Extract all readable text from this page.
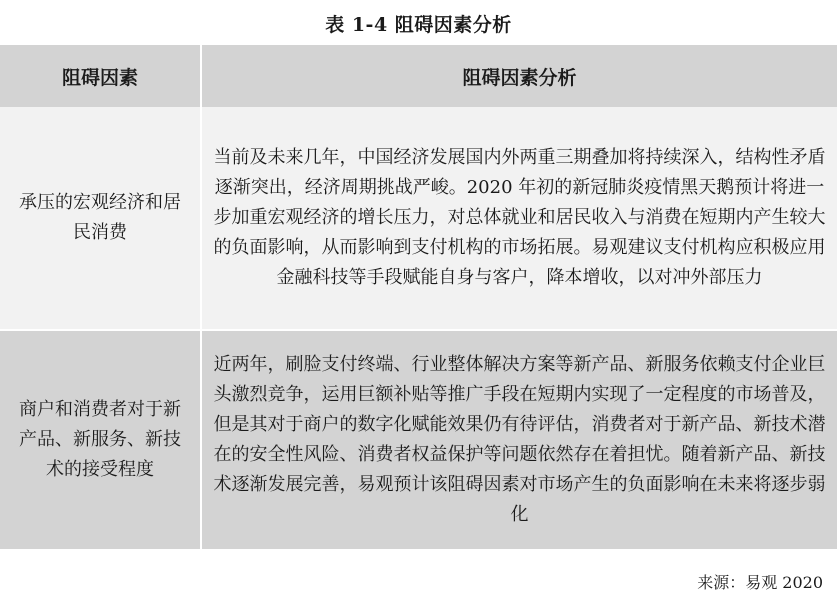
表 1-4 阻碍因素分析
阻碍因素	阻碍因素分析
承压的宏观经济和居民消费	当前及未来几年，中国经济发展国内外两重三期叠加将持续深入，结构性矛盾逐渐突出，经济周期挑战严峻。2020 年初的新冠肺炎疫情黑天鹅预计将进一步加重宏观经济的增长压力，对总体就业和居民收入与消费在短期内产生较大的负面影响，从而影响到支付机构的市场拓展。易观建议支付机构应积极应用金融科技等手段赋能自身与客户，降本增收，以对冲外部压力
商户和消费者对于新产品、新服务、新技术的接受程度	近两年，刷脸支付终端、行业整体解决方案等新产品、新服务依赖支付企业巨头激烈竞争，运用巨额补贴等推广手段在短期内实现了一定程度的市场普及，但是其对于商户的数字化赋能效果仍有待评估，消费者对于新产品、新技术潜在的安全性风险、消费者权益保护等问题依然存在着担忧。随着新产品、新技术逐渐发展完善，易观预计该阻碍因素对市场产生的负面影响在未来将逐步弱化
来源：易观 2020
